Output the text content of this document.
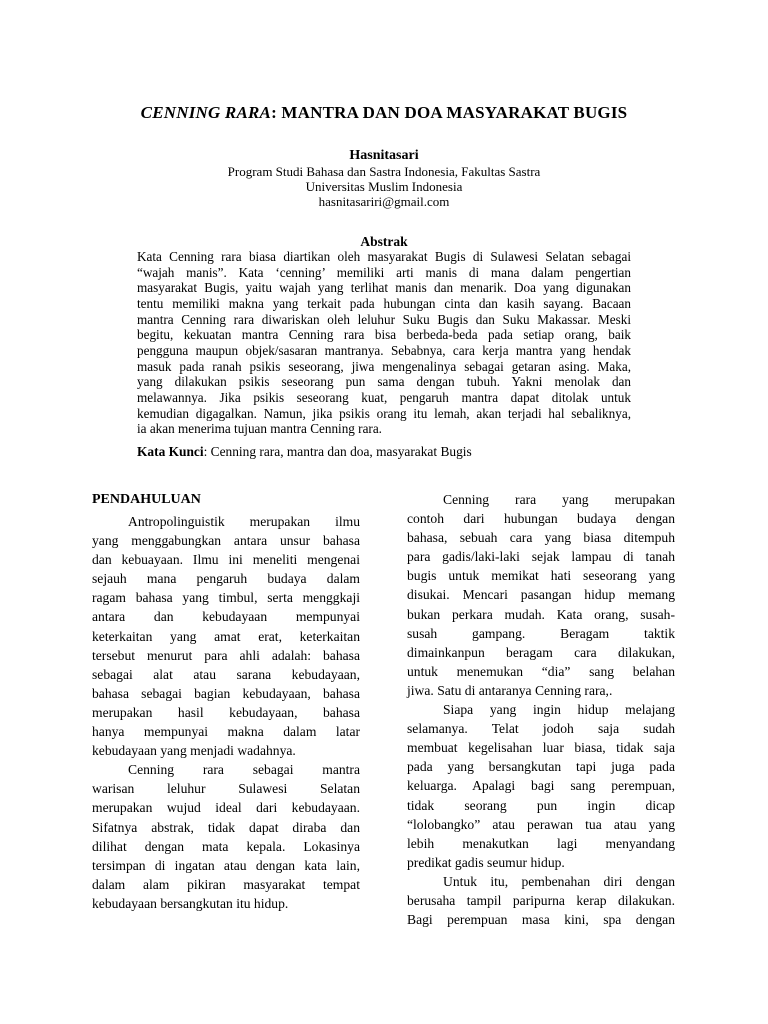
CENNING RARA: MANTRA DAN DOA MASYARAKAT BUGIS
Hasnitasari
Program Studi Bahasa dan Sastra Indonesia, Fakultas Sastra
Universitas Muslim Indonesia
hasnitasariri@gmail.com
Abstrak
Kata Cenning rara biasa diartikan oleh masyarakat Bugis di Sulawesi Selatan sebagai
“wajah manis”. Kata ‘cenning’ memiliki arti manis di mana dalam pengertian
masyarakat Bugis, yaitu wajah yang terlihat manis dan menarik. Doa yang digunakan
tentu memiliki makna yang terkait pada hubungan cinta dan kasih sayang. Bacaan
mantra Cenning rara diwariskan oleh leluhur Suku Bugis dan Suku Makassar. Meski
begitu, kekuatan mantra Cenning rara bisa berbeda-beda pada setiap orang, baik
pengguna maupun objek/sasaran mantranya. Sebabnya, cara kerja mantra yang hendak
masuk pada ranah psikis seseorang, jiwa mengenalinya sebagai getaran asing. Maka,
yang dilakukan psikis seseorang pun sama dengan tubuh. Yakni menolak dan
melawannya. Jika psikis seseorang kuat, pengaruh mantra dapat ditolak untuk
kemudian digagalkan. Namun, jika psikis orang itu lemah, akan terjadi hal sebaliknya,
ia akan menerima tujuan mantra Cenning rara.
Kata Kunci: Cenning rara, mantra dan doa, masyarakat Bugis
PENDAHULUAN
Antropolinguistik merupakan ilmu
yang menggabungkan antara unsur bahasa
dan kebuayaan. Ilmu ini meneliti mengenai
sejauh mana pengaruh budaya dalam
ragam bahasa yang timbul, serta menggkaji
antara dan kebudayaan mempunyai
keterkaitan yang amat erat, keterkaitan
tersebut menurut para ahli adalah: bahasa
sebagai alat atau sarana kebudayaan,
bahasa sebagai bagian kebudayaan, bahasa
merupakan hasil kebudayaan, bahasa
hanya mempunyai makna dalam latar
kebudayaan yang menjadi wadahnya.
Cenning rara sebagai mantra
warisan leluhur Sulawesi Selatan
merupakan wujud ideal dari kebudayaan.
Sifatnya abstrak, tidak dapat diraba dan
dilihat dengan mata kepala. Lokasinya
tersimpan di ingatan atau dengan kata lain,
dalam alam pikiran masyarakat tempat
kebudayaan bersangkutan itu hidup.
Cenning rara yang merupakan
contoh dari hubungan budaya dengan
bahasa, sebuah cara yang biasa ditempuh
para gadis/laki-laki sejak lampau di tanah
bugis untuk memikat hati seseorang yang
disukai. Mencari pasangan hidup memang
bukan perkara mudah. Kata orang, susah-
susah gampang. Beragam taktik
dimainkanpun beragam cara dilakukan,
untuk menemukan “dia” sang belahan
jiwa. Satu di antaranya Cenning rara,.
Siapa yang ingin hidup melajang
selamanya. Telat jodoh saja sudah
membuat kegelisahan luar biasa, tidak saja
pada yang bersangkutan tapi juga pada
keluarga. Apalagi bagi sang perempuan,
tidak seorang pun ingin dicap
“lolobangko” atau perawan tua atau yang
lebih menakutkan lagi menyandang
predikat gadis seumur hidup.
Untuk itu, pembenahan diri dengan
berusaha tampil paripurna kerap dilakukan.
Bagi perempuan masa kini, spa dengan
